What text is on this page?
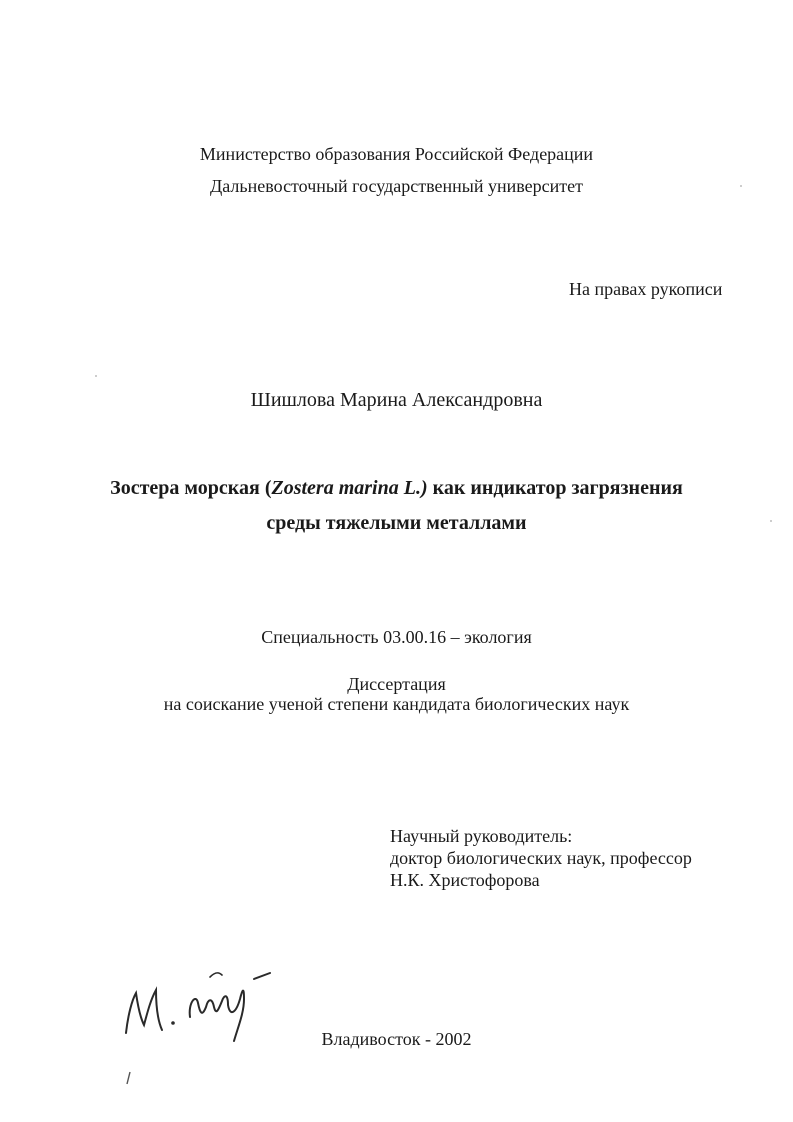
Министерство образования Российской Федерации
Дальневосточный государственный университет
На правах рукописи
Шишлова Марина Александровна
Зостера морская (Zostera marina L.) как индикатор загрязнения
среды тяжелыми металлами
Специальность 03.00.16 – экология
Диссертация
на соискание ученой степени кандидата биологических наук
Научный руководитель:
доктор биологических наук, профессор
Н.К. Христофорова
Владивосток - 2002
